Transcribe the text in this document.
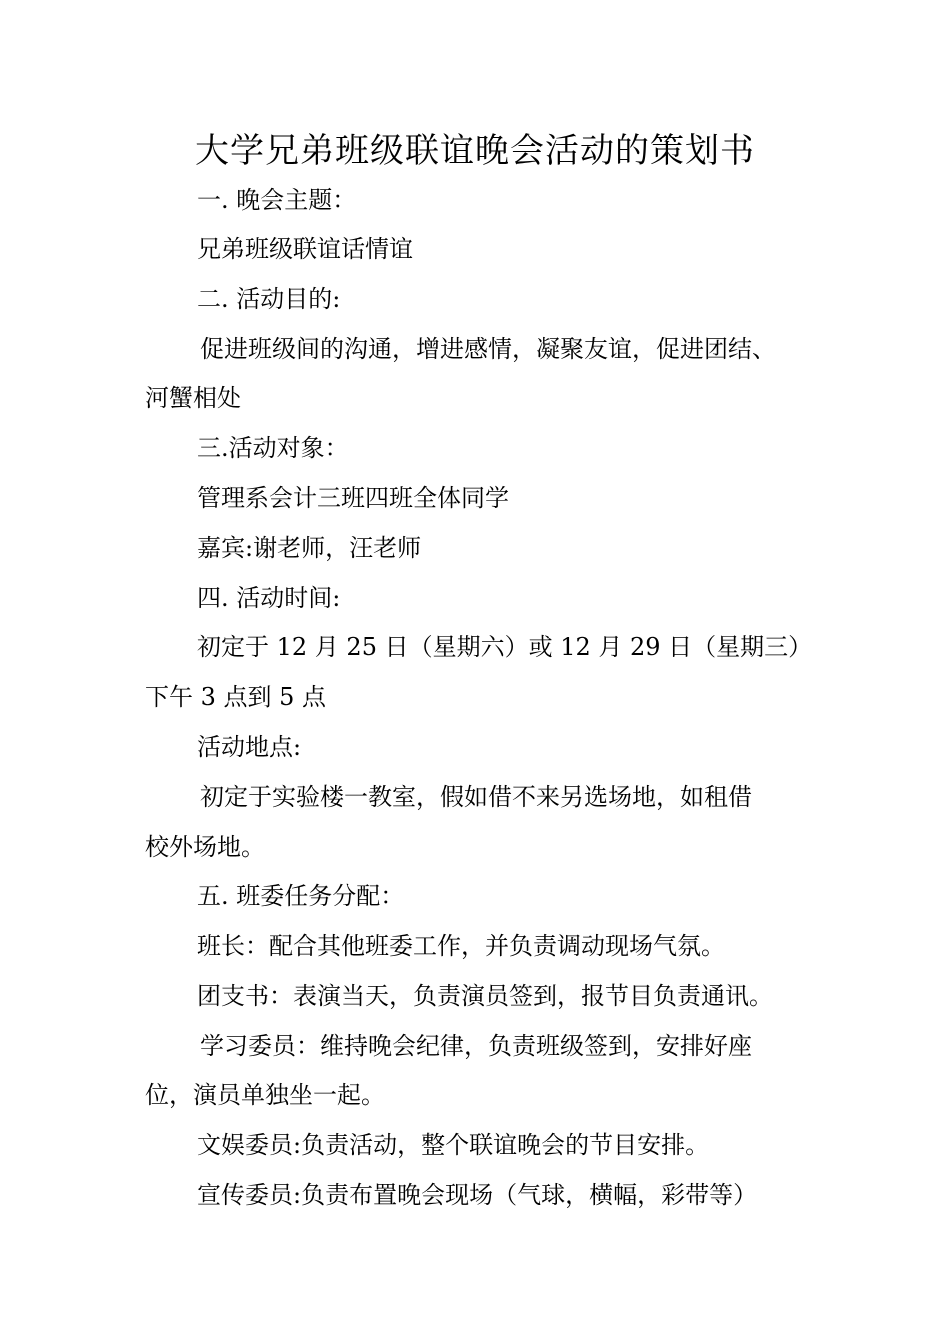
大学兄弟班级联谊晚会活动的策划书

一. 晚会主题：

兄弟班级联谊话情谊

二. 活动目的:

促进班级间的沟通，增进感情，凝聚友谊，促进团结、

河蟹相处

三.活动对象：

管理系会计三班四班全体同学

嘉宾:谢老师，汪老师

四. 活动时间:

初定于 12 月 25 日（星期六）或 12 月 29 日（星期三）

下午 3 点到 5 点

活动地点:

初定于实验楼一教室，假如借不来另选场地，如租借

校外场地。

五. 班委任务分配：

班长：配合其他班委工作，并负责调动现场气氛。

团支书：表演当天，负责演员签到，报节目负责通讯。

学习委员：维持晚会纪律，负责班级签到，安排好座

位，演员单独坐一起。

文娱委员:负责活动，整个联谊晚会的节目安排。

宣传委员:负责布置晚会现场（气球，横幅，彩带等）
